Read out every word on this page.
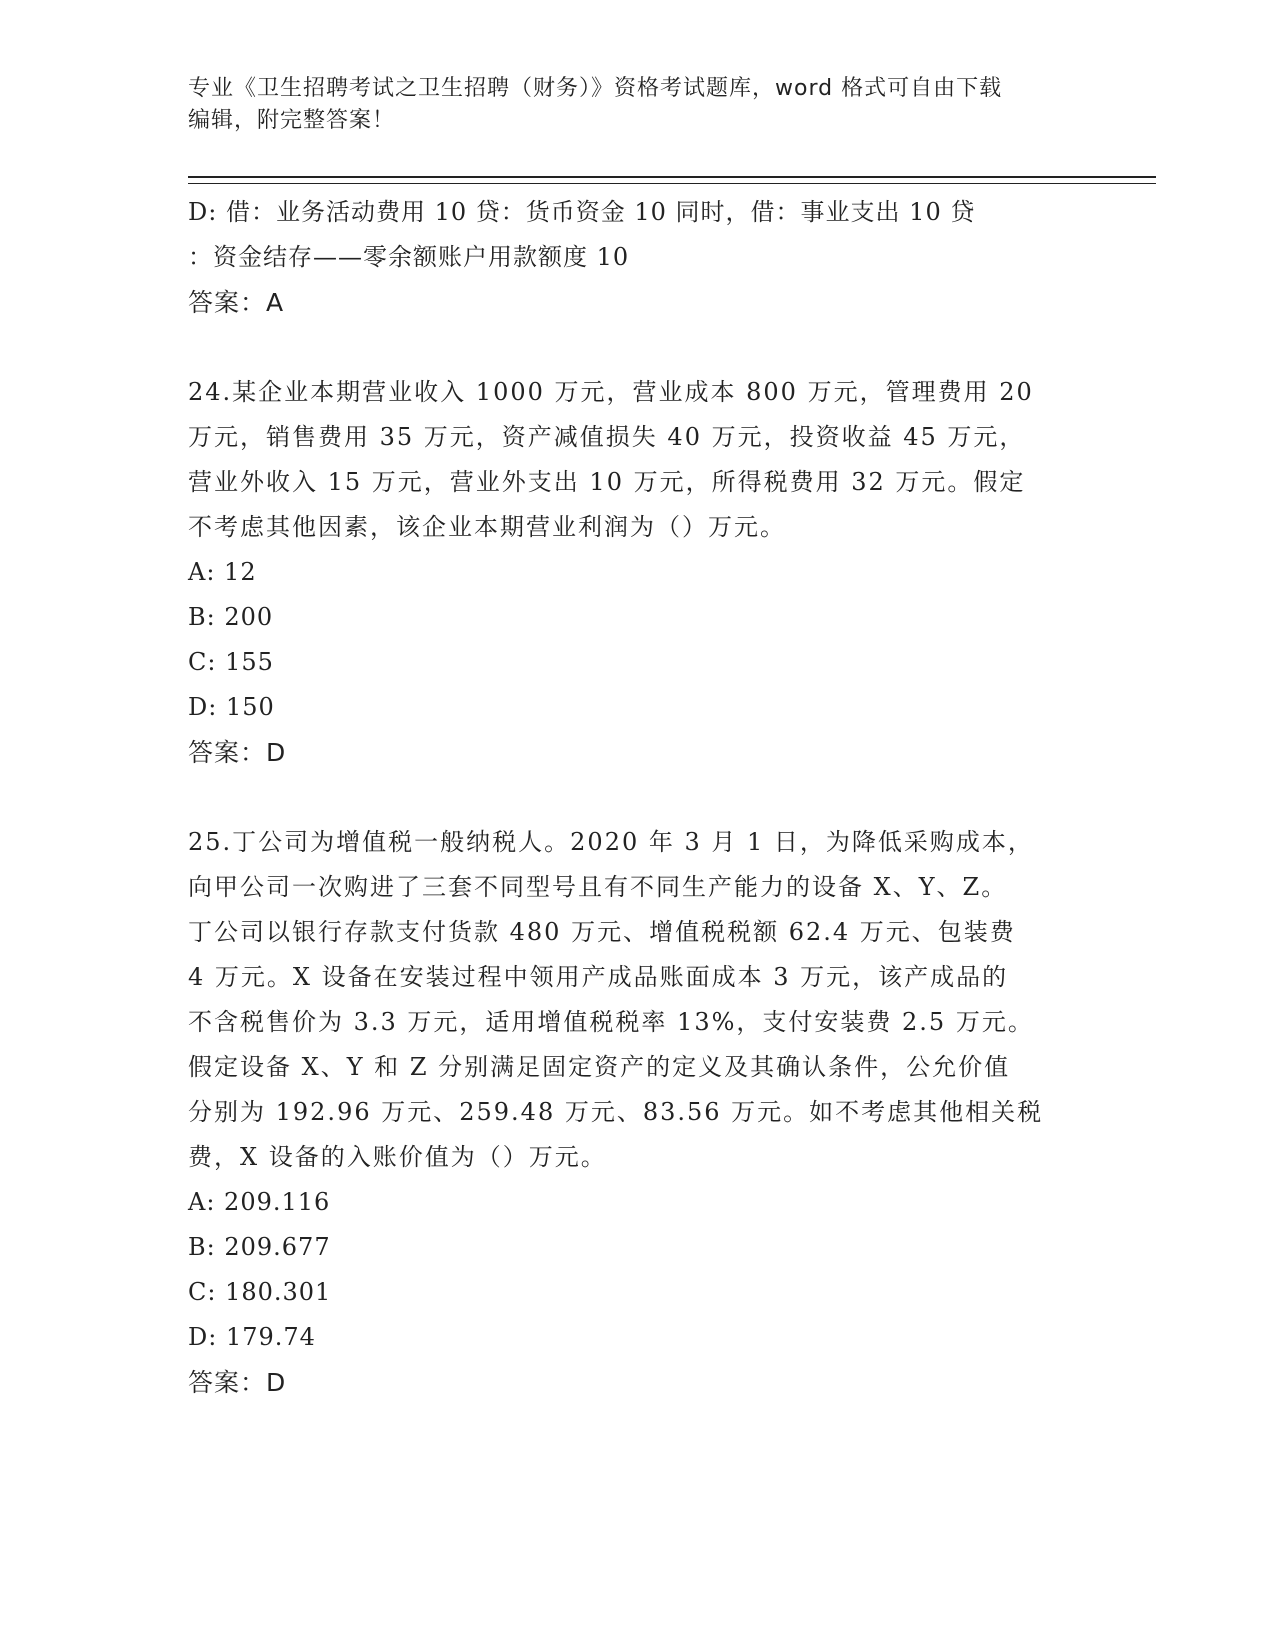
专业《卫生招聘考试之卫生招聘（财务）》资格考试题库，word 格式可自由下载
编辑，附完整答案！
D: 借：业务活动费用 10 贷：货币资金 10 同时，借：事业支出 10 贷
：资金结存——零余额账户用款额度 10
答案：A
24.某企业本期营业收入 1000 万元，营业成本 800 万元，管理费用 20
万元，销售费用 35 万元，资产减值损失 40 万元，投资收益 45 万元，
营业外收入 15 万元，营业外支出 10 万元，所得税费用 32 万元。假定
不考虑其他因素，该企业本期营业利润为（）万元。
A: 12
B: 200
C: 155
D: 150
答案：D
25.丁公司为增值税一般纳税人。2020 年 3 月 1 日，为降低采购成本，
向甲公司一次购进了三套不同型号且有不同生产能力的设备 X、Y、Z。
丁公司以银行存款支付货款 480 万元、增值税税额 62.4 万元、包装费
4 万元。X 设备在安装过程中领用产成品账面成本 3 万元，该产成品的
不含税售价为 3.3 万元，适用增值税税率 13%，支付安装费 2.5 万元。
假定设备 X、Y 和 Z 分别满足固定资产的定义及其确认条件，公允价值
分别为 192.96 万元、259.48 万元、83.56 万元。如不考虑其他相关税
费，X 设备的入账价值为（）万元。
A: 209.116
B: 209.677
C: 180.301
D: 179.74
答案：D
